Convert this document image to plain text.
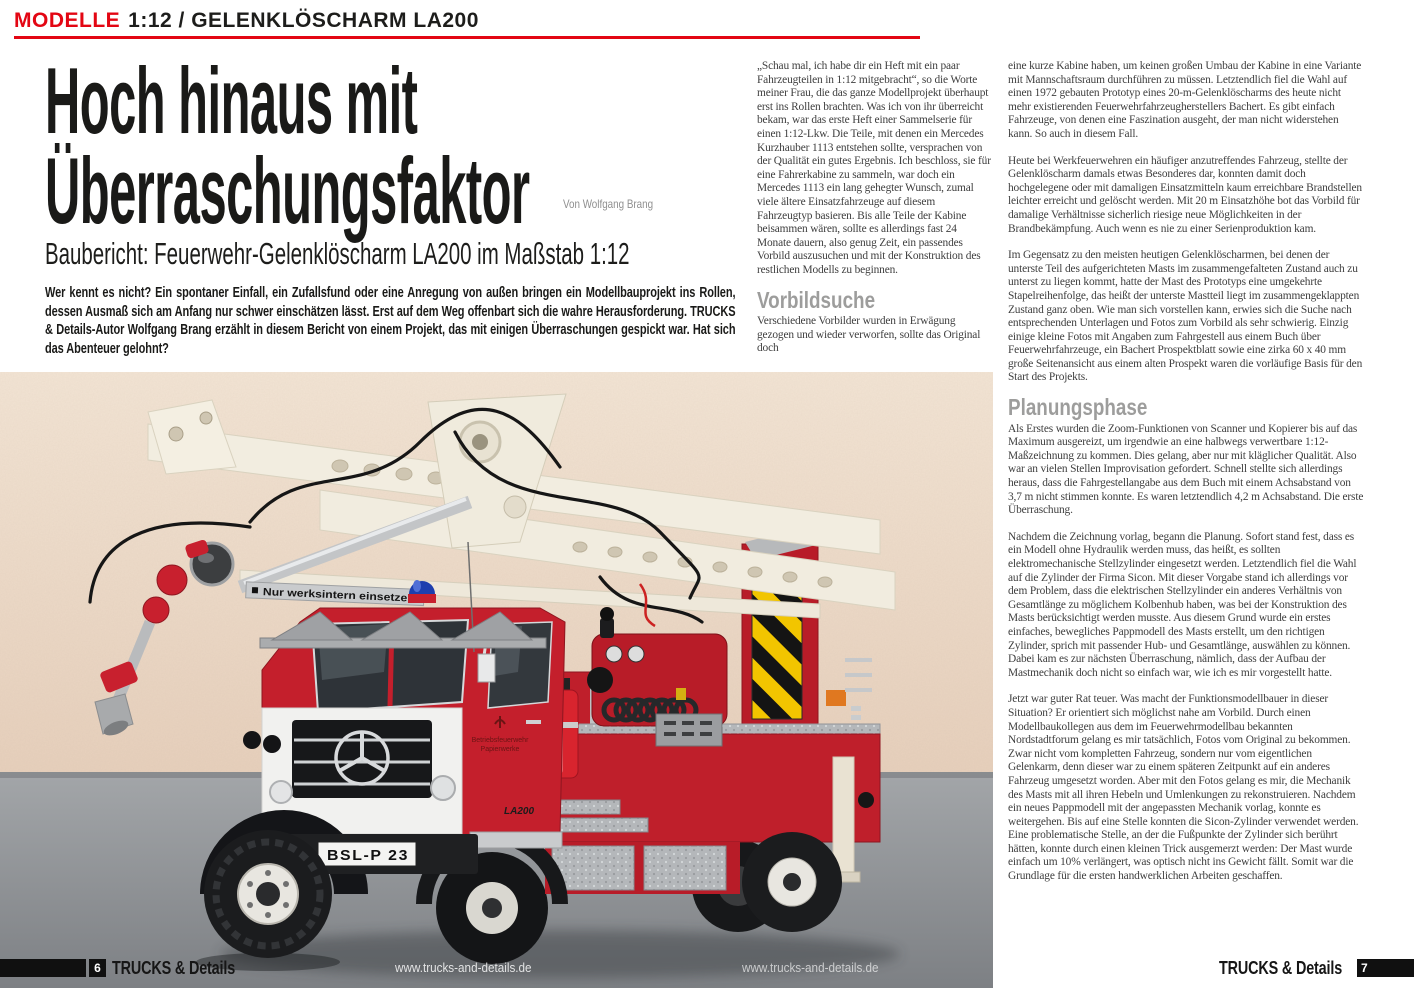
MODELLE 1:12 / GELENKLÖSCHARM LA200
Hoch hinaus mit
Überraschungsfaktor	Von Wolfgang Brang
Baubericht: Feuerwehr-Gelenklöscharm LA200 im Maßstab 1:12
Wer kennt es nicht? Ein spontaner Einfall, ein Zufallsfund oder eine Anregung von außen bringen ein Modellbauprojekt ins Rollen, dessen Ausmaß sich am Anfang nur schwer einschätzen lässt. Erst auf dem Weg offenbart sich die wahre Herausforderung. TRUCKS & Details-Autor Wolfgang Brang erzählt in diesem Bericht von einem Projekt, das mit einigen Überraschungen gespickt war. Hat sich das Abenteuer gelohnt?

„Schau mal, ich habe dir ein Heft mit ein paar Fahrzeugteilen in 1:12 mitgebracht“, so die Worte meiner Frau, die das ganze Modellprojekt überhaupt erst ins Rollen brachten. Was ich von ihr überreicht bekam, war das erste Heft einer Sammelserie für einen 1:12-Lkw. Die Teile, mit denen ein Mercedes Kurzhauber 1113 entstehen sollte, versprachen von der Qualität ein gutes Ergebnis. Ich beschloss, sie für eine Fahrerkabine zu sammeln, war doch ein Mercedes 1113 ein lang gehegter Wunsch, zumal viele ältere Einsatzfahrzeuge auf diesem Fahrzeugtyp basieren. Bis alle Teile der Kabine beisammen wären, sollte es allerdings fast 24 Monate dauern, also genug Zeit, ein passendes Vorbild auszusuchen und mit der Konstruktion des restlichen Modells zu beginnen.

Vorbildsuche

Verschiedene Vorbilder wurden in Erwägung gezogen und wieder verworfen, sollte das Original doch

eine kurze Kabine haben, um keinen großen Umbau der Kabine in eine Variante mit Mannschaftsraum durchführen zu müssen. Letztendlich fiel die Wahl auf einen 1972 gebauten Prototyp eines 20-m-Gelenklöscharms des heute nicht mehr existierenden Feuerwehrfahrzeugherstellers Bachert. Es gibt einfach Fahrzeuge, von denen eine Faszination ausgeht, der man nicht widerstehen kann. So auch in diesem Fall.

Heute bei Werkfeuerwehren ein häufiger anzutreffendes Fahrzeug, stellte der Gelenklöscharm damals etwas Besonderes dar, konnten damit doch hochgelegene oder mit damaligen Einsatzmitteln kaum erreichbare Brandstellen leichter erreicht und gelöscht werden. Mit 20 m Einsatzhöhe bot das Vorbild für damalige Verhältnisse sicherlich riesige neue Möglichkeiten in der Brandbekämpfung. Auch wenn es nie zu einer Serienproduktion kam.

Im Gegensatz zu den meisten heutigen Gelenklöscharmen, bei denen der unterste Teil des aufgerichteten Masts im zusammengefalteten Zustand auch zu unterst zu liegen kommt, hatte der Mast des Prototyps eine umgekehrte Stapelreihenfolge, das heißt der unterste Mastteil liegt im zusammengeklappten Zustand ganz oben. Wie man sich vorstellen kann, erwies sich die Suche nach entsprechenden Unterlagen und Fotos zum Vorbild als sehr schwierig. Einzig einige kleine Fotos mit Angaben zum Fahrgestell aus einem Buch über Feuerwehrfahrzeuge, ein Bachert Prospektblatt sowie eine zirka 60 x 40 mm große Seitenansicht aus einem alten Prospekt waren die vorläufige Basis für den Start des Projekts.

Planungsphase

Als Erstes wurden die Zoom-Funktionen von Scanner und Kopierer bis auf das Maximum ausgereizt, um irgendwie an eine halbwegs verwertbare 1:12-Maßzeichnung zu kommen. Dies gelang, aber nur mit kläglicher Qualität. Also war an vielen Stellen Improvisation gefordert. Schnell stellte sich allerdings heraus, dass die Fahrgestellangabe aus dem Buch mit einem Achsabstand von 3,7 m nicht stimmen konnte. Es waren letztendlich 4,2 m Achsabstand. Die erste Überraschung.

Nachdem die Zeichnung vorlag, begann die Planung. Sofort stand fest, dass es ein Modell ohne Hydraulik werden muss, das heißt, es sollten elektromechanische Stellzylinder eingesetzt werden. Letztendlich fiel die Wahl auf die Zylinder der Firma Sicon. Mit dieser Vorgabe stand ich allerdings vor dem Problem, dass die elektrischen Stellzylinder ein anderes Verhältnis von Gesamtlänge zu möglichem Kolbenhub haben, was bei der Konstruktion des Masts berücksichtigt werden musste. Aus diesem Grund wurde ein erstes einfaches, bewegliches Pappmodell des Masts erstellt, um den richtigen Zylinder, sprich mit passender Hub- und Gesamtlänge, auswählen zu können. Dabei kam es zur nächsten Überraschung, nämlich, dass der Aufbau der Mastmechanik doch nicht so einfach war, wie ich es mir vorgestellt hatte.

Jetzt war guter Rat teuer. Was macht der Funktionsmodellbauer in dieser Situation? Er orientiert sich möglichst nahe am Vorbild. Durch einen Modellbaukollegen aus dem im Feuerwehrmodellbau bekannten Nordstadtforum gelang es mir tatsächlich, Fotos vom Original zu bekommen. Zwar nicht vom kompletten Fahrzeug, sondern nur vom eigentlichen Gelenkarm, denn dieser war zu einem späteren Zeitpunkt auf ein anderes Fahrzeug umgesetzt worden. Aber mit den Fotos gelang es mir, die Mechanik des Masts mit all ihren Hebeln und Umlenkungen zu rekonstruieren. Nachdem ein neues Pappmodell mit der angepassten Mechanik vorlag, konnte es weitergehen. Bis auf eine Stelle konnten die Sicon-Zylinder verwendet werden. Eine problematische Stelle, an der die Fußpunkte der Zylinder sich berührt hätten, konnte durch einen kleinen Trick ausgemerzt werden: Der Mast wurde einfach um 10% verlängert, was optisch nicht ins Gewicht fällt. Somit war die Grundlage für die ersten handwerklichen Arbeiten geschaffen.

BSL-P 23
Betriebsfeuerwehr
Papierwerke
LA200
Nur werksintern einsetzen
6 TRUCKS & Details	www.trucks-and-details.de	www.trucks-and-details.de	TRUCKS & Details	7
